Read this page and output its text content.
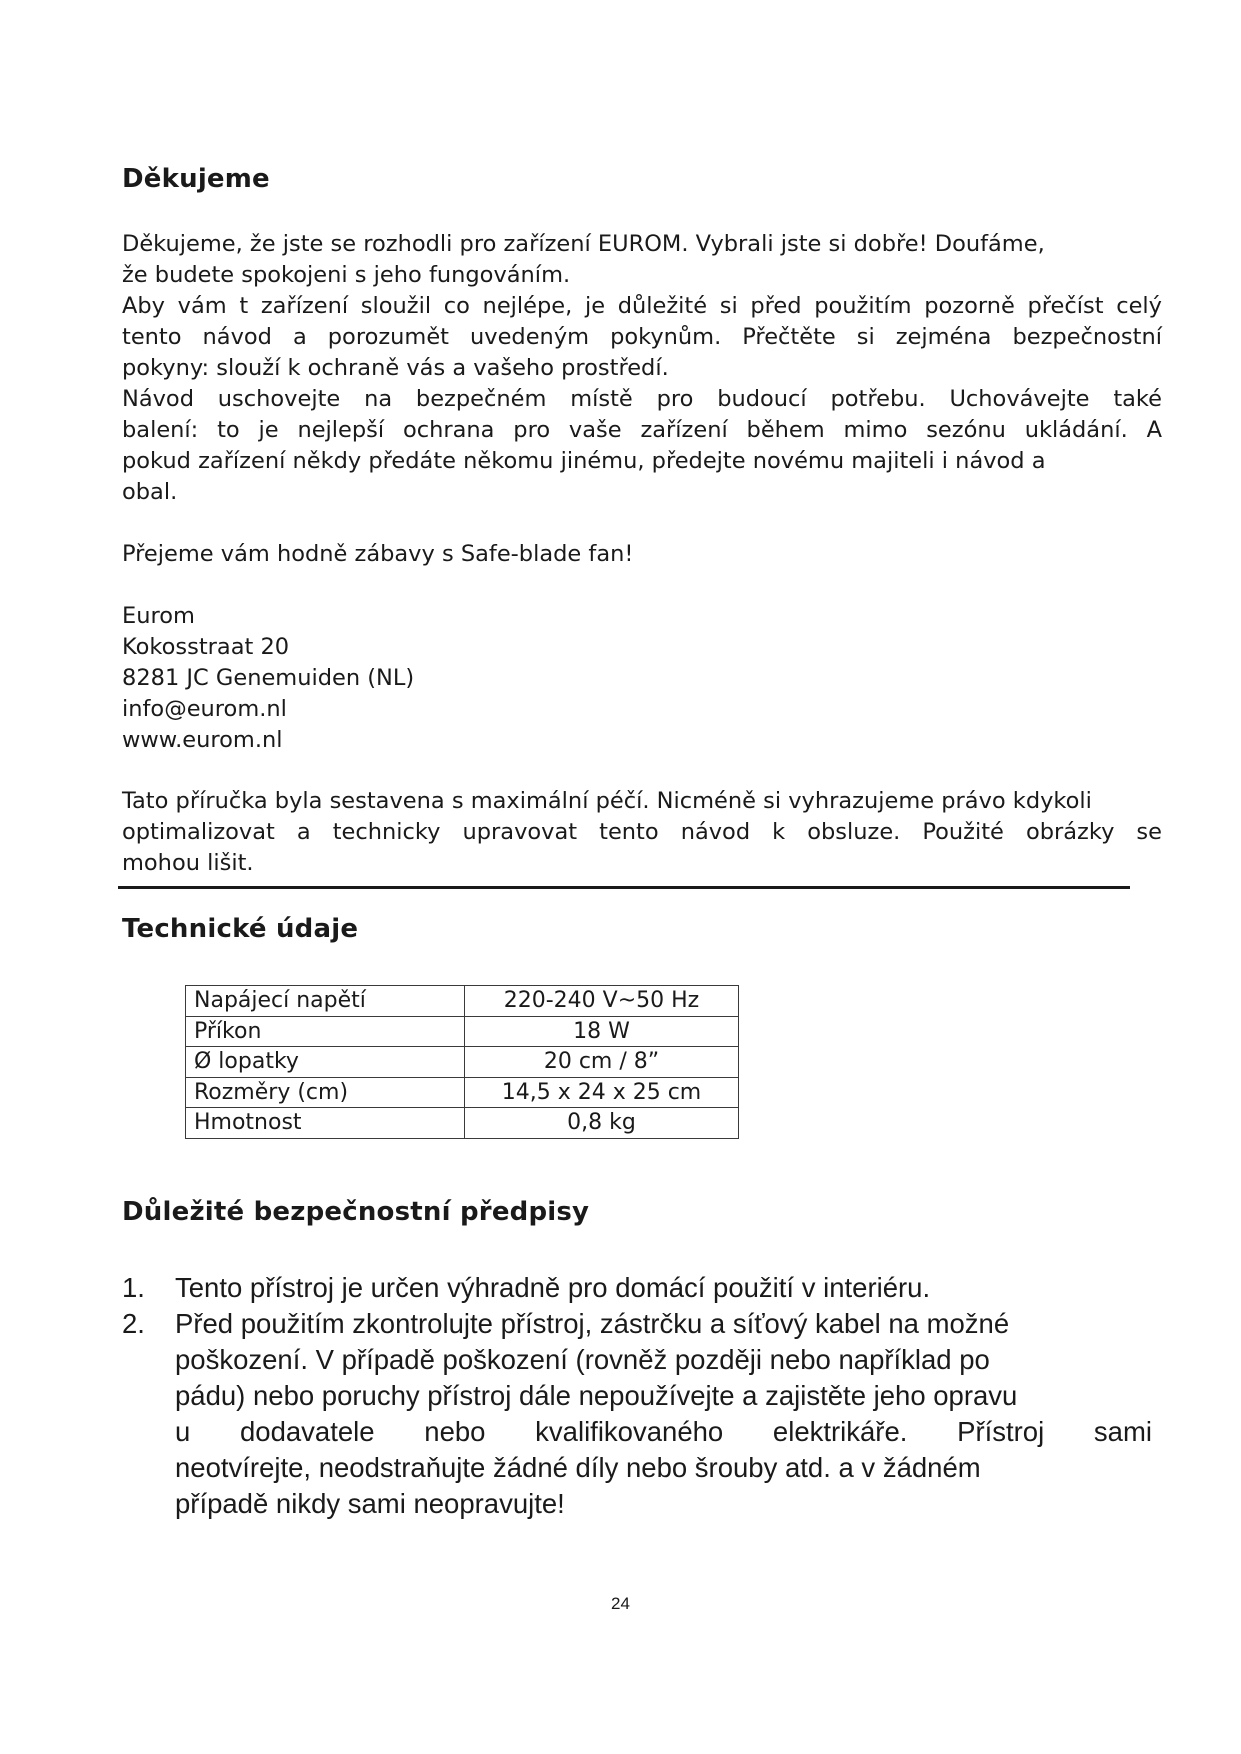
Děkujeme

Děkujeme, že jste se rozhodli pro zařízení EUROM. Vybrali jste si dobře! Doufáme,
že budete spokojeni s jeho fungováním.

Aby vám t zařízení sloužil co nejlépe, je důležité si před použitím pozorně přečíst celý
tento návod a porozumět uvedeným pokynům. Přečtěte si zejména bezpečnostní
pokyny: slouží k ochraně vás a vašeho prostředí.

Návod uschovejte na bezpečném místě pro budoucí potřebu. Uchovávejte také
balení: to je nejlepší ochrana pro vaše zařízení během mimo sezónu ukládání. A
pokud zařízení někdy předáte někomu jinému, předejte novému majiteli i návod a
obal.

Přejeme vám hodně zábavy s Safe-blade fan!

Eurom
Kokosstraat 20
8281 JC Genemuiden (NL)
info@eurom.nl
www.eurom.nl

Tato příručka byla sestavena s maximální péčí. Nicméně si vyhrazujeme právo kdykoli
optimalizovat a technicky upravovat tento návod k obsluze. Použité obrázky se
mohou lišit.

Technické údaje
Napájecí napětí	220-240 V~50 Hz
Příkon	18 W
Ø lopatky	20 cm / 8”
Rozměry (cm)	14,5 x 24 x 25 cm
Hmotnost	0,8 kg
Důležité bezpečnostní předpisy
1. Tento přístroj je určen výhradně pro domácí použití v interiéru.
2. Před použitím zkontrolujte přístroj, zástrčku a síťový kabel na možné
poškození. V případě poškození (rovněž později nebo například po
pádu) nebo poruchy přístroj dále nepoužívejte a zajistěte jeho opravu
u dodavatele nebo kvalifikovaného elektrikáře. Přístroj sami
neotvírejte, neodstraňujte žádné díly nebo šrouby atd. a v žádném
případě nikdy sami neopravujte!
24
